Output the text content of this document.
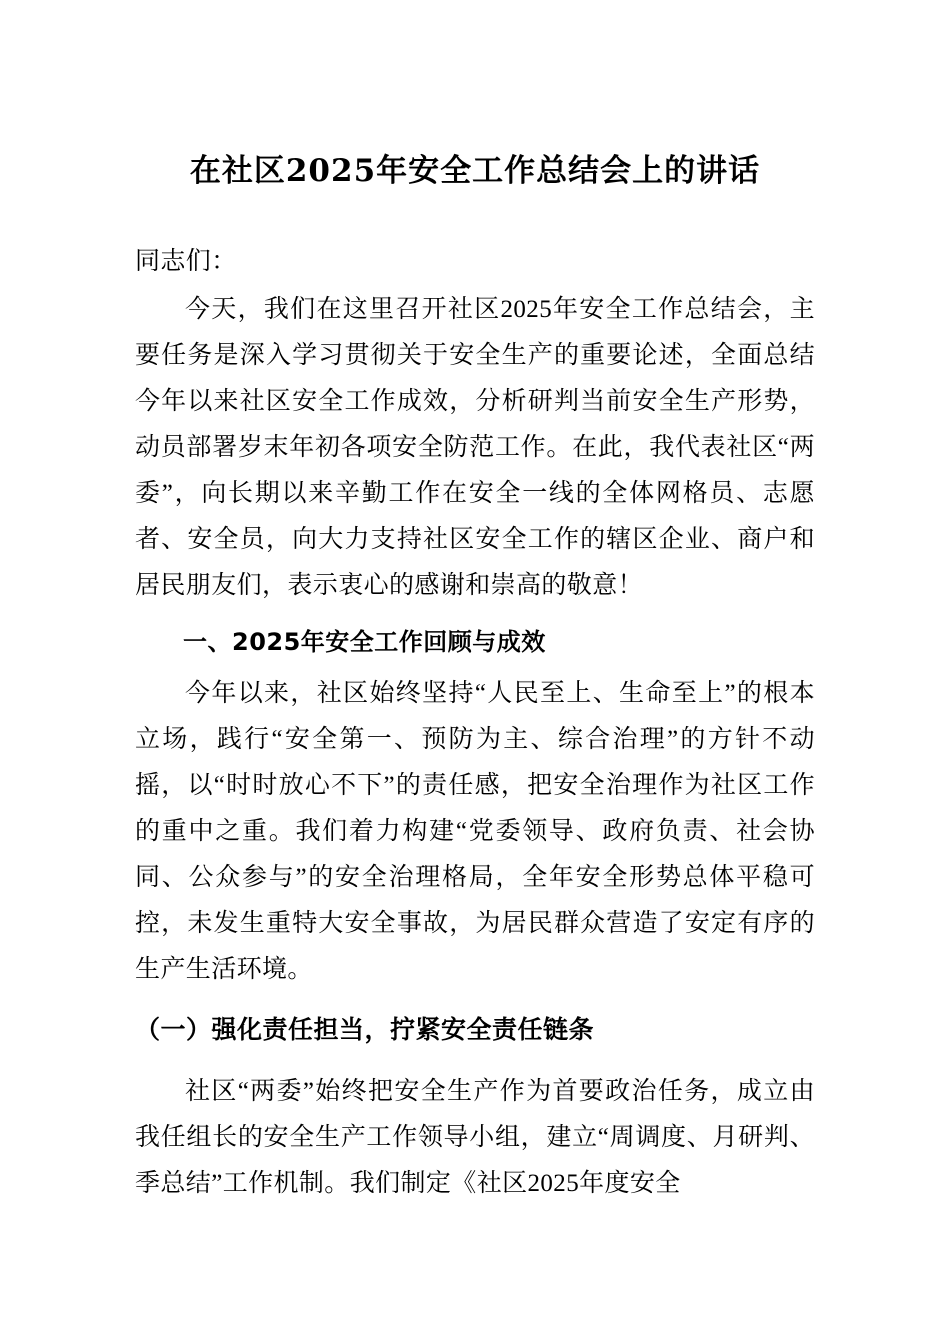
在社区2025年安全工作总结会上的讲话

同志们：

今天，我们在这里召开社区2025年安全工作总结会，主要任务是深入学习贯彻关于安全生产的重要论述，全面总结今年以来社区安全工作成效，分析研判当前安全生产形势，动员部署岁末年初各项安全防范工作。在此，我代表社区“两委”，向长期以来辛勤工作在安全一线的全体网格员、志愿者、安全员，向大力支持社区安全工作的辖区企业、商户和居民朋友们，表示衷心的感谢和崇高的敬意！

一、2025年安全工作回顾与成效

今年以来，社区始终坚持“人民至上、生命至上”的根本立场，践行“安全第一、预防为主、综合治理”的方针不动摇，以“时时放心不下”的责任感，把安全治理作为社区工作的重中之重。我们着力构建“党委领导、政府负责、社会协同、公众参与”的安全治理格局，全年安全形势总体平稳可控，未发生重特大安全事故，为居民群众营造了安定有序的生产生活环境。

（一）强化责任担当，拧紧安全责任链条

社区“两委”始终把安全生产作为首要政治任务，成立由我任组长的安全生产工作领导小组，建立“周调度、月研判、季总结”工作机制。我们制定《社区2025年度安全
